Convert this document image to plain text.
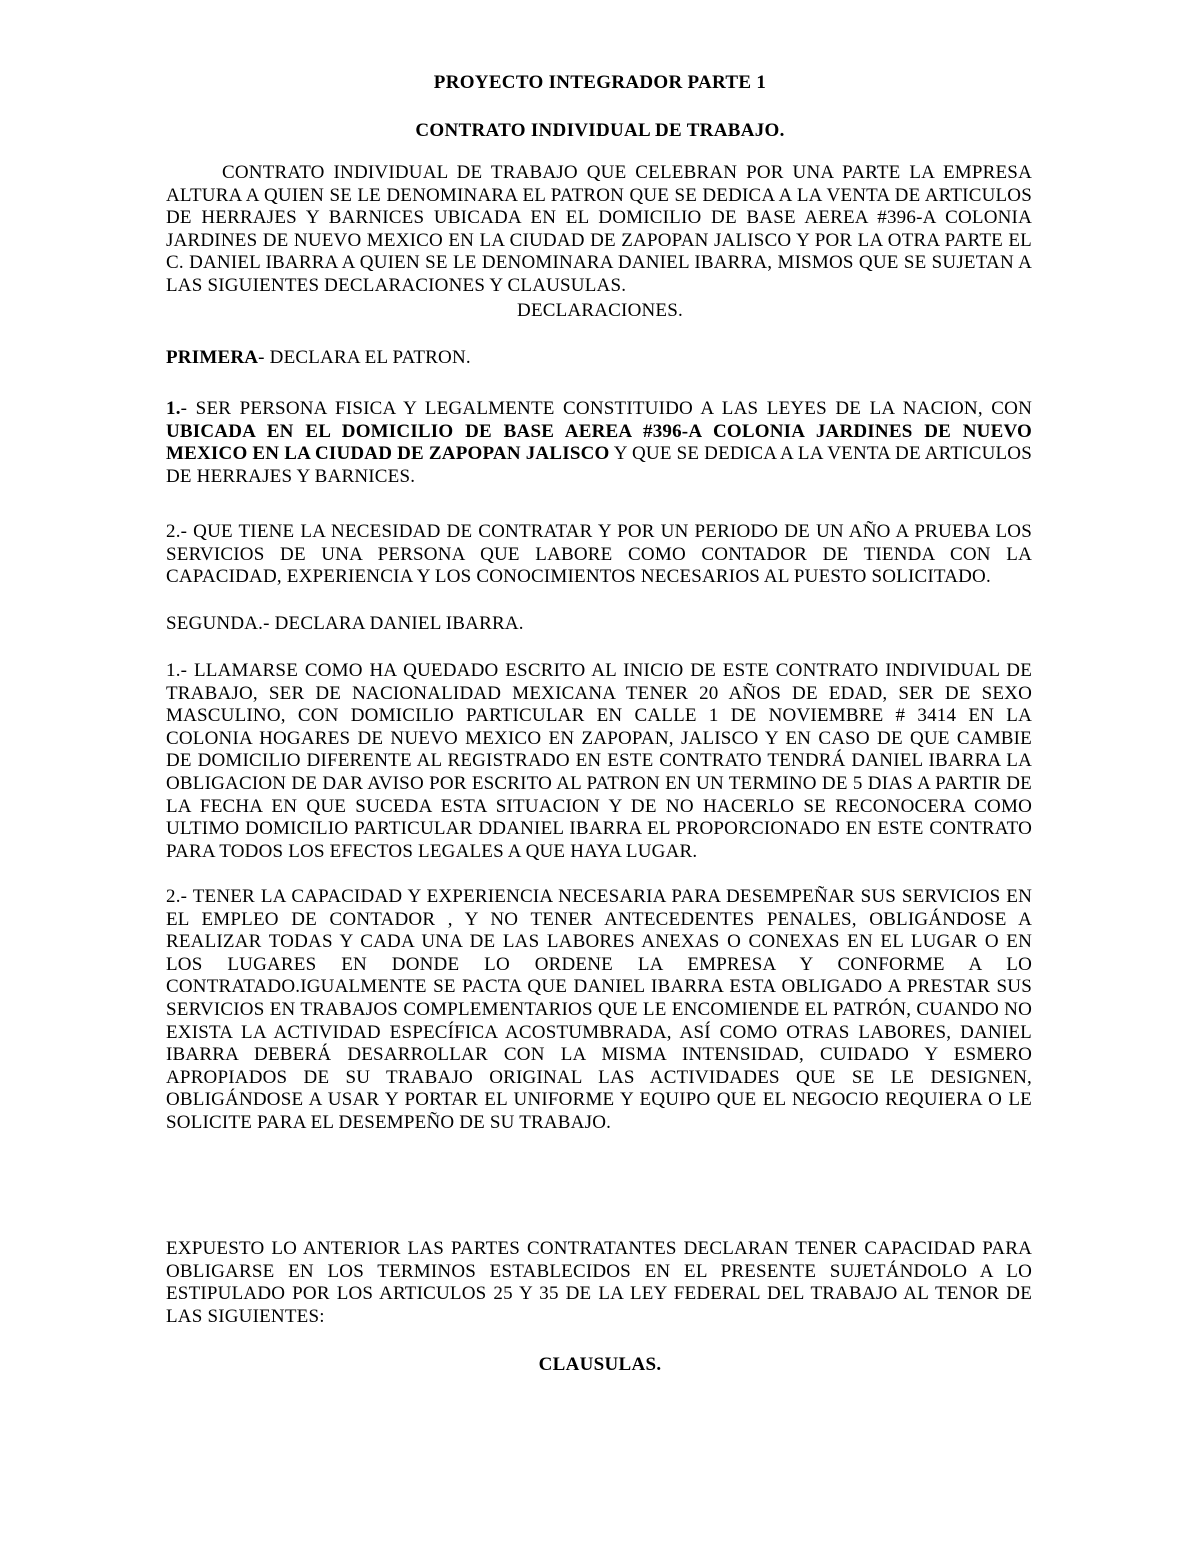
PROYECTO INTEGRADOR PARTE 1
CONTRATO INDIVIDUAL DE TRABAJO.
CONTRATO INDIVIDUAL DE TRABAJO QUE CELEBRAN POR UNA PARTE LA EMPRESA ALTURA A QUIEN SE LE DENOMINARA EL PATRON QUE SE DEDICA A LA VENTA DE ARTICULOS DE HERRAJES Y BARNICES UBICADA EN EL DOMICILIO DE BASE AEREA #396-A COLONIA JARDINES DE NUEVO MEXICO EN LA CIUDAD DE ZAPOPAN JALISCO Y POR LA OTRA PARTE EL C. DANIEL IBARRA A QUIEN SE LE DENOMINARA DANIEL IBARRA, MISMOS QUE SE SUJETAN A LAS SIGUIENTES DECLARACIONES Y CLAUSULAS.
DECLARACIONES.
PRIMERA- DECLARA EL PATRON.
1.- SER PERSONA FISICA Y LEGALMENTE CONSTITUIDO A LAS LEYES DE LA NACION, CON UBICADA EN EL DOMICILIO DE BASE AEREA #396-A COLONIA JARDINES DE NUEVO MEXICO EN LA CIUDAD DE ZAPOPAN JALISCO Y QUE SE DEDICA A LA VENTA DE ARTICULOS DE HERRAJES Y BARNICES.
2.- QUE TIENE LA NECESIDAD DE CONTRATAR Y POR UN PERIODO DE UN AÑO A PRUEBA LOS SERVICIOS DE UNA PERSONA QUE LABORE COMO CONTADOR DE TIENDA CON LA CAPACIDAD, EXPERIENCIA Y LOS CONOCIMIENTOS NECESARIOS AL PUESTO SOLICITADO.
SEGUNDA.- DECLARA DANIEL IBARRA.
1.- LLAMARSE COMO HA QUEDADO ESCRITO AL INICIO DE ESTE CONTRATO INDIVIDUAL DE TRABAJO, SER DE NACIONALIDAD MEXICANA TENER 20 AÑOS DE EDAD, SER DE SEXO MASCULINO, CON DOMICILIO PARTICULAR EN CALLE 1 DE NOVIEMBRE # 3414 EN LA COLONIA HOGARES DE NUEVO MEXICO EN ZAPOPAN, JALISCO Y EN CASO DE QUE CAMBIE DE DOMICILIO DIFERENTE AL REGISTRADO EN ESTE CONTRATO TENDRÁ DANIEL IBARRA LA OBLIGACION DE DAR AVISO POR ESCRITO AL PATRON EN UN TERMINO DE 5 DIAS A PARTIR DE LA FECHA EN QUE SUCEDA ESTA SITUACION Y DE NO HACERLO SE RECONOCERA COMO ULTIMO DOMICILIO PARTICULAR DDANIEL IBARRA EL PROPORCIONADO EN ESTE CONTRATO PARA TODOS LOS EFECTOS LEGALES A QUE HAYA LUGAR.
2.- TENER LA CAPACIDAD Y EXPERIENCIA NECESARIA PARA DESEMPEÑAR SUS SERVICIOS EN EL EMPLEO DE CONTADOR , Y NO TENER ANTECEDENTES PENALES, OBLIGÁNDOSE A REALIZAR TODAS Y CADA UNA DE LAS LABORES ANEXAS O CONEXAS EN EL LUGAR O EN LOS LUGARES EN DONDE LO ORDENE LA EMPRESA Y CONFORME A LO CONTRATADO.IGUALMENTE SE PACTA QUE DANIEL IBARRA ESTA OBLIGADO A PRESTAR SUS SERVICIOS EN TRABAJOS COMPLEMENTARIOS QUE LE ENCOMIENDE EL PATRÓN, CUANDO NO EXISTA LA ACTIVIDAD ESPECÍFICA ACOSTUMBRADA, ASÍ COMO OTRAS LABORES, DANIEL IBARRA DEBERÁ DESARROLLAR CON LA MISMA INTENSIDAD, CUIDADO Y ESMERO APROPIADOS DE SU TRABAJO ORIGINAL LAS ACTIVIDADES QUE SE LE DESIGNEN, OBLIGÁNDOSE A USAR Y PORTAR EL UNIFORME Y EQUIPO QUE EL NEGOCIO REQUIERA O LE SOLICITE PARA EL DESEMPEÑO DE SU TRABAJO.
EXPUESTO LO ANTERIOR LAS PARTES CONTRATANTES DECLARAN TENER CAPACIDAD PARA OBLIGARSE EN LOS TERMINOS ESTABLECIDOS EN EL PRESENTE SUJETÁNDOLO A LO ESTIPULADO POR LOS ARTICULOS 25 Y 35 DE LA LEY FEDERAL DEL TRABAJO AL TENOR DE LAS SIGUIENTES:
CLAUSULAS.
